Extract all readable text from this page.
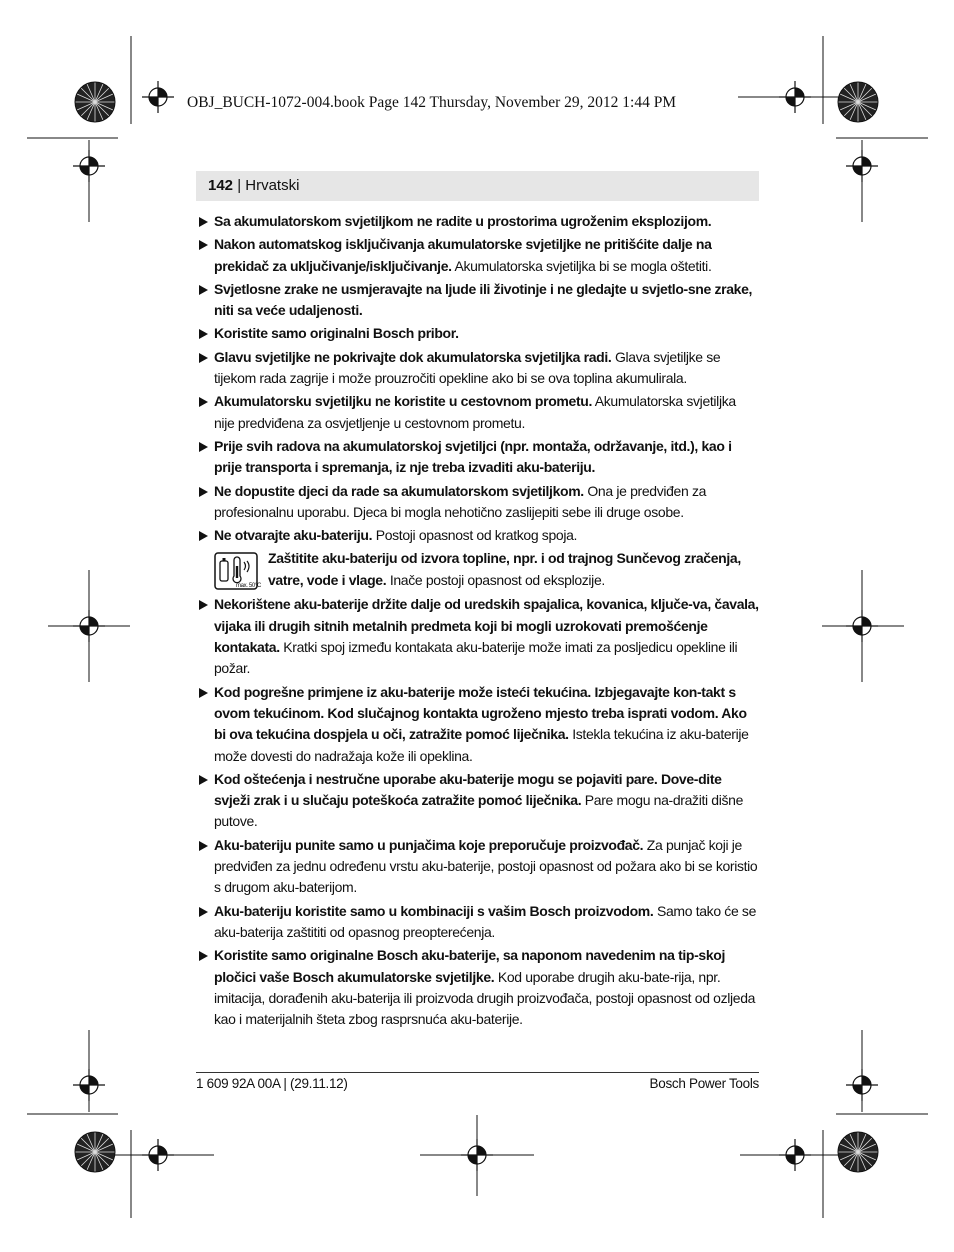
OBJ_BUCH-1072-004.book Page 142 Thursday, November 29, 2012 1:44 PM
142 | Hrvatski
Sa akumulatorskom svjetiljkom ne radite u prostorima ugroženim eksplozijom.
Nakon automatskog isključivanja akumulatorske svjetiljke ne pritišćite dalje na prekidač za uključivanje/isključivanje. Akumulatorska svjetiljka bi se mogla oštetiti.
Svjetlosne zrake ne usmjeravajte na ljude ili životinje i ne gledajte u svjetlo-sne zrake, niti sa veće udaljenosti.
Koristite samo originalni Bosch pribor.
Glavu svjetiljke ne pokrivajte dok akumulatorska svjetiljka radi. Glava svjetiljke se tijekom rada zagrije i može prouzročiti opekline ako bi se ova toplina akumulirala.
Akumulatorsku svjetiljku ne koristite u cestovnom prometu. Akumulatorska svjetiljka nije predviđena za osvjetljenje u cestovnom prometu.
Prije svih radova na akumulatorskoj svjetiljci (npr. montaža, održavanje, itd.), kao i prije transporta i spremanja, iz nje treba izvaditi aku-bateriju.
Ne dopustite djeci da rade sa akumulatorskom svjetiljkom. Ona je predviđen za profesionalnu uporabu. Djeca bi mogla nehotično zaslijepiti sebe ili druge osobe.
Ne otvarajte aku-bateriju. Postoji opasnost od kratkog spoja.
max. 50°C
Zaštitite aku-bateriju od izvora topline, npr. i od trajnog Sunčevog zračenja, vatre, vode i vlage. Inače postoji opasnost od eksplozije.
Nekorištene aku-baterije držite dalje od uredskih spajalica, kovanica, ključe-va, čavala, vijaka ili drugih sitnih metalnih predmeta koji bi mogli uzrokovati premošćenje kontakata. Kratki spoj između kontakata aku-baterije može imati za posljedicu opekline ili požar.
Kod pogrešne primjene iz aku-baterije može isteći tekućina. Izbjegavajte kon-takt s ovom tekućinom. Kod slučajnog kontakta ugroženo mjesto treba isprati vodom. Ako bi ova tekućina dospjela u oči, zatražite pomoć liječnika. Istekla tekućina iz aku-baterije može dovesti do nadražaja kože ili opeklina.
Kod oštećenja i nestručne uporabe aku-baterije mogu se pojaviti pare. Dove-dite svježi zrak i u slučaju poteškoća zatražite pomoć liječnika. Pare mogu na-dražiti dišne putove.
Aku-bateriju punite samo u punjačima koje preporučuje proizvođač. Za punjač koji je predviđen za jednu određenu vrstu aku-baterije, postoji opasnost od požara ako bi se koristio s drugom aku-baterijom.
Aku-bateriju koristite samo u kombinaciji s vašim Bosch proizvodom. Samo tako će se aku-baterija zaštititi od opasnog preopterećenja.
Koristite samo originalne Bosch aku-baterije, sa naponom navedenim na tip-skoj pločici vaše Bosch akumulatorske svjetiljke. Kod uporabe drugih aku-bate-rija, npr. imitacija, dorađenih aku-baterija ili proizvoda drugih proizvođača, postoji opasnost od ozljeda kao i materijalnih šteta zbog rasprsnuća aku-baterije.
1 609 92A 00A | (29.11.12)	Bosch Power Tools
